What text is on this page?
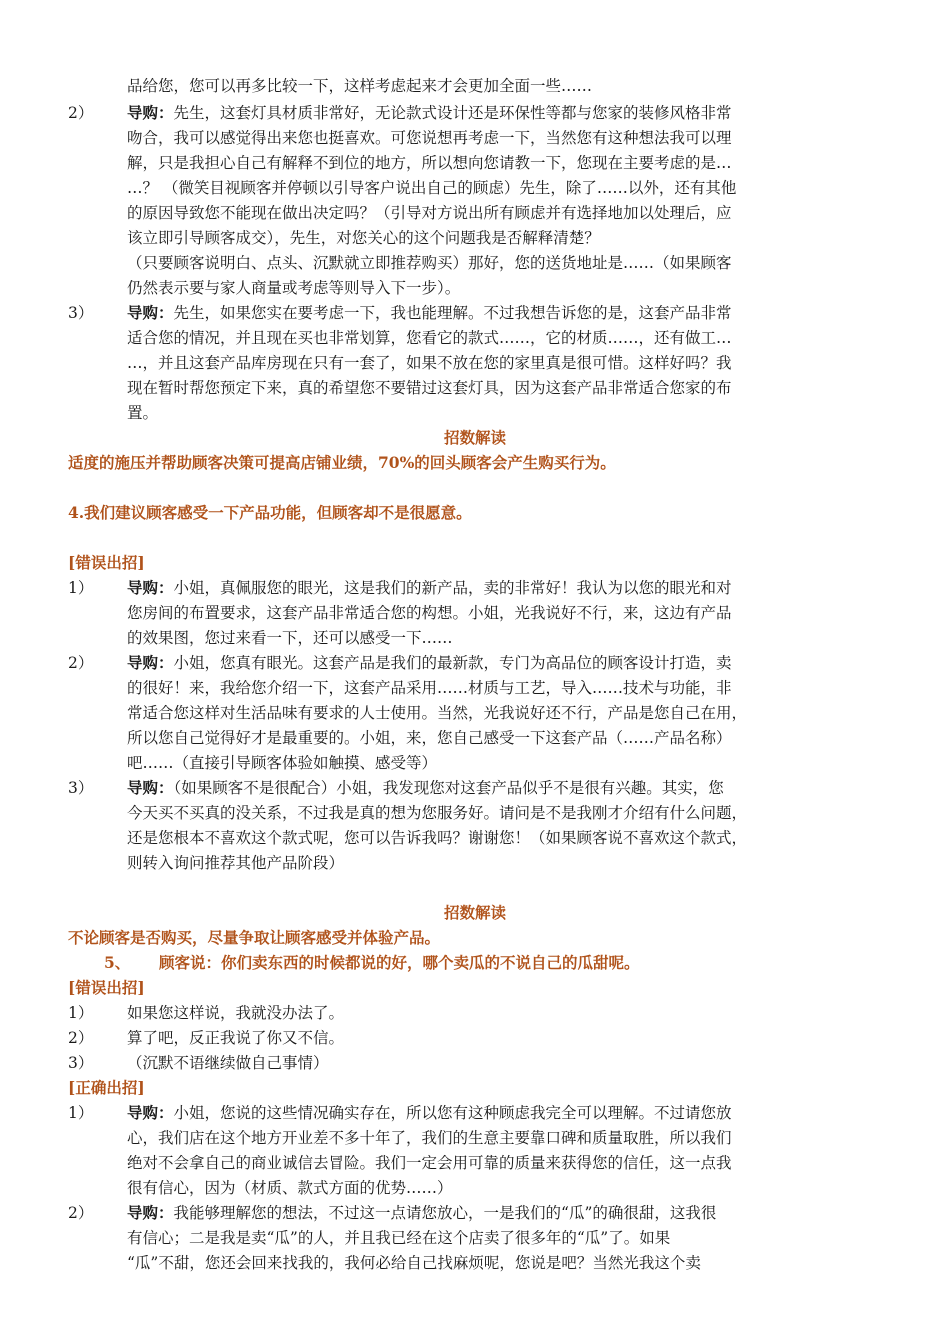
品给您，您可以再多比较一下，这样考虑起来才会更加全面一些……
2） 导购：先生，这套灯具材质非常好，无论款式设计还是环保性等都与您家的装修风格非常
吻合，我可以感觉得出来您也挺喜欢。可您说想再考虑一下，当然您有这种想法我可以理
解，只是我担心自己有解释不到位的地方，所以想向您请教一下，您现在主要考虑的是…
…？ （微笑目视顾客并停顿以引导客户说出自己的顾虑）先生，除了……以外，还有其他
的原因导致您不能现在做出决定吗？（引导对方说出所有顾虑并有选择地加以处理后，应
该立即引导顾客成交），先生，对您关心的这个问题我是否解释清楚？
（只要顾客说明白、点头、沉默就立即推荐购买）那好，您的送货地址是……（如果顾客
仍然表示要与家人商量或考虑等则导入下一步）。
3） 导购：先生，如果您实在要考虑一下，我也能理解。不过我想告诉您的是，这套产品非常
适合您的情况，并且现在买也非常划算，您看它的款式……，它的材质……，还有做工…
…，并且这套产品库房现在只有一套了，如果不放在您的家里真是很可惜。这样好吗？我
现在暂时帮您预定下来，真的希望您不要错过这套灯具，因为这套产品非常适合您家的布
置。
招数解读
适度的施压并帮助顾客决策可提高店铺业绩，70%的回头顾客会产生购买行为。
4.我们建议顾客感受一下产品功能，但顾客却不是很愿意。
[错误出招]
1） 导购：小姐，真佩服您的眼光，这是我们的新产品，卖的非常好！我认为以您的眼光和对
您房间的布置要求，这套产品非常适合您的构想。小姐，光我说好不行，来，这边有产品
的效果图，您过来看一下，还可以感受一下……
2） 导购：小姐，您真有眼光。这套产品是我们的最新款，专门为高品位的顾客设计打造，卖
的很好！来，我给您介绍一下，这套产品采用……材质与工艺，导入……技术与功能，非
常适合您这样对生活品味有要求的人士使用。当然，光我说好还不行，产品是您自己在用，
所以您自己觉得好才是最重要的。小姐，来，您自己感受一下这套产品（……产品名称）
吧……（直接引导顾客体验如触摸、感受等）
3） 导购：（如果顾客不是很配合）小姐，我发现您对这套产品似乎不是很有兴趣。其实，您
今天买不买真的没关系，不过我是真的想为您服务好。请问是不是我刚才介绍有什么问题，
还是您根本不喜欢这个款式呢，您可以告诉我吗？谢谢您！（如果顾客说不喜欢这个款式，
则转入询问推荐其他产品阶段）
招数解读
不论顾客是否购买，尽量争取让顾客感受并体验产品。
5、 顾客说：你们卖东西的时候都说的好，哪个卖瓜的不说自己的瓜甜呢。
[错误出招]
1） 如果您这样说，我就没办法了。
2） 算了吧，反正我说了你又不信。
3） （沉默不语继续做自己事情）
[正确出招]
1） 导购：小姐，您说的这些情况确实存在，所以您有这种顾虑我完全可以理解。不过请您放
心，我们店在这个地方开业差不多十年了，我们的生意主要靠口碑和质量取胜，所以我们
绝对不会拿自己的商业诚信去冒险。我们一定会用可靠的质量来获得您的信任，这一点我
很有信心，因为（材质、款式方面的优势……）
2） 导购：我能够理解您的想法，不过这一点请您放心，一是我们的“瓜”的确很甜，这我很
有信心；二是我是卖“瓜”的人，并且我已经在这个店卖了很多年的“瓜”了。如果
“瓜”不甜，您还会回来找我的，我何必给自己找麻烦呢，您说是吧？当然光我这个卖
